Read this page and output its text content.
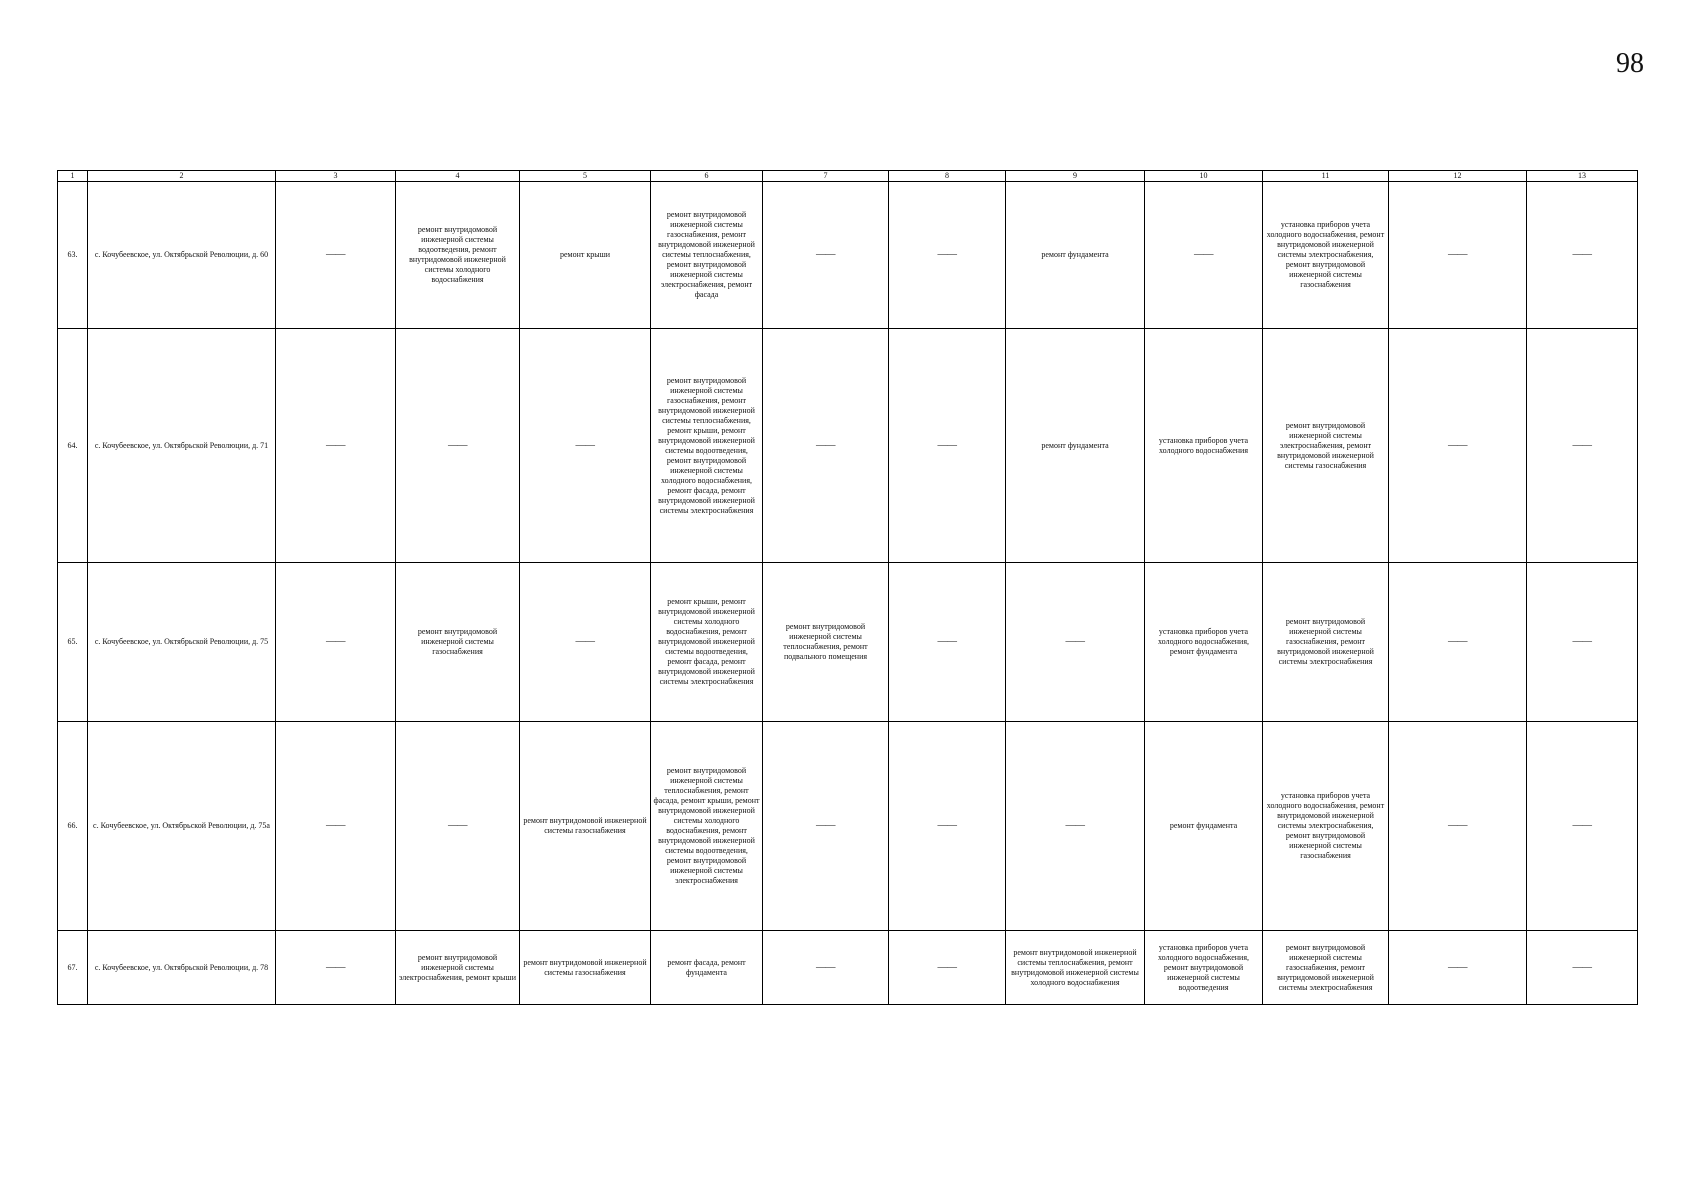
98
1	2	3	4	5	6	7	8	9	10	11	12	13
63.	с. Кочубеевское, ул. Октябрьской Революции, д. 60	——	ремонт внутридомовой инженерной системы водоотведения, ремонт внутридомовой инженерной системы холодного водоснабжения	ремонт крыши	ремонт внутридомовой инженерной системы газоснабжения, ремонт внутридомовой инженерной системы теплоснабжения, ремонт внутридомовой инженерной системы электроснабжения, ремонт фасада	——	——	ремонт фундамента	——	установка приборов учета холодного водоснабжения, ремонт внутридомовой инженерной системы электроснабжения, ремонт внутридомовой инженерной системы газоснабжения	——	——
64.	с. Кочубеевское, ул. Октябрьской Революции, д. 71	——	——	——	ремонт внутридомовой инженерной системы газоснабжения, ремонт внутридомовой инженерной системы теплоснабжения, ремонт крыши, ремонт внутридомовой инженерной системы водоотведения, ремонт внутридомовой инженерной системы холодного водоснабжения, ремонт фасада, ремонт внутридомовой инженерной системы электроснабжения	——	——	ремонт фундамента	установка приборов учета холодного водоснабжения	ремонт внутридомовой инженерной системы электроснабжения, ремонт внутридомовой инженерной системы газоснабжения	——	——
65.	с. Кочубеевское, ул. Октябрьской Революции, д. 75	——	ремонт внутридомовой инженерной системы газоснабжения	——	ремонт крыши, ремонт внутридомовой инженерной системы холодного водоснабжения, ремонт внутридомовой инженерной системы водоотведения, ремонт фасада, ремонт внутридомовой инженерной системы электроснабжения	ремонт внутридомовой инженерной системы теплоснабжения, ремонт подвального помещения	——	——	установка приборов учета холодного водоснабжения, ремонт фундамента	ремонт внутридомовой инженерной системы газоснабжения, ремонт внутридомовой инженерной системы электроснабжения	——	——
66.	с. Кочубеевское, ул. Октябрьской Революции, д. 75а	——	——	ремонт внутридомовой инженерной системы газоснабжения	ремонт внутридомовой инженерной системы теплоснабжения, ремонт фасада, ремонт крыши, ремонт внутридомовой инженерной системы холодного водоснабжения, ремонт внутридомовой инженерной системы водоотведения, ремонт внутридомовой инженерной системы электроснабжения	——	——	——	ремонт фундамента	установка приборов учета холодного водоснабжения, ремонт внутридомовой инженерной системы электроснабжения, ремонт внутридомовой инженерной системы газоснабжения	——	——
67.	с. Кочубеевское, ул. Октябрьской Революции, д. 78	——	ремонт внутридомовой инженерной системы электроснабжения, ремонт крыши	ремонт внутридомовой инженерной системы газоснабжения	ремонт фасада, ремонт фундамента	——	——	ремонт внутридомовой инженерной системы теплоснабжения, ремонт внутридомовой инженерной системы холодного водоснабжения	установка приборов учета холодного водоснабжения, ремонт внутридомовой инженерной системы водоотведения	ремонт внутридомовой инженерной системы газоснабжения, ремонт внутридомовой инженерной системы электроснабжения	——	——
